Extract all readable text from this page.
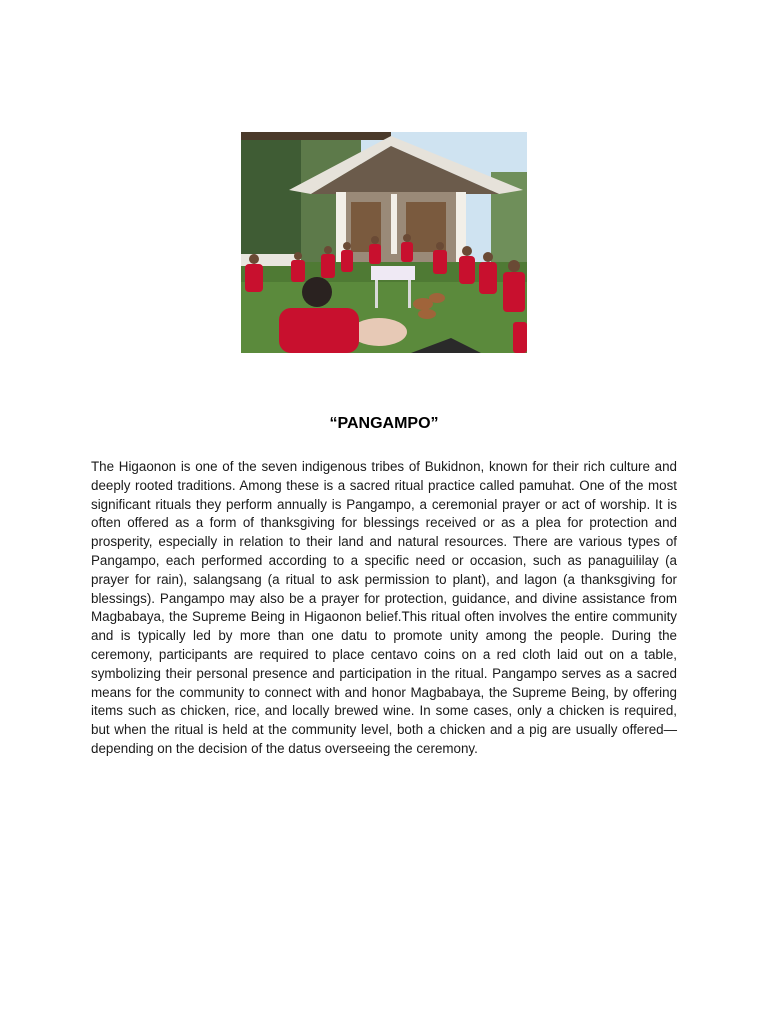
“PANGAMPO”

The Higaonon is one of the seven indigenous tribes of Bukidnon, known for their rich culture and deeply rooted traditions. Among these is a sacred ritual practice called pamuhat. One of the most significant rituals they perform annually is Pangampo, a ceremonial prayer or act of worship. It is often offered as a form of thanksgiving for blessings received or as a plea for protection and prosperity, especially in relation to their land and natural resources. There are various types of Pangampo, each performed according to a specific need or occasion, such as panaguililay (a prayer for rain), salangsang (a ritual to ask permission to plant), and lagon (a thanksgiving for blessings). Pangampo may also be a prayer for protection, guidance, and divine assistance from Magbabaya, the Supreme Being in Higaonon belief.This ritual often involves the entire community and is typically led by more than one datu to promote unity among the people. During the ceremony, participants are required to place centavo coins on a red cloth laid out on a table, symbolizing their personal presence and participation in the ritual. Pangampo serves as a sacred means for the community to connect with and honor Magbabaya, the Supreme Being, by offering items such as chicken, rice, and locally brewed wine. In some cases, only a chicken is required, but when the ritual is held at the community level, both a chicken and a pig are usually offered—depending on the decision of the datus overseeing the ceremony.
